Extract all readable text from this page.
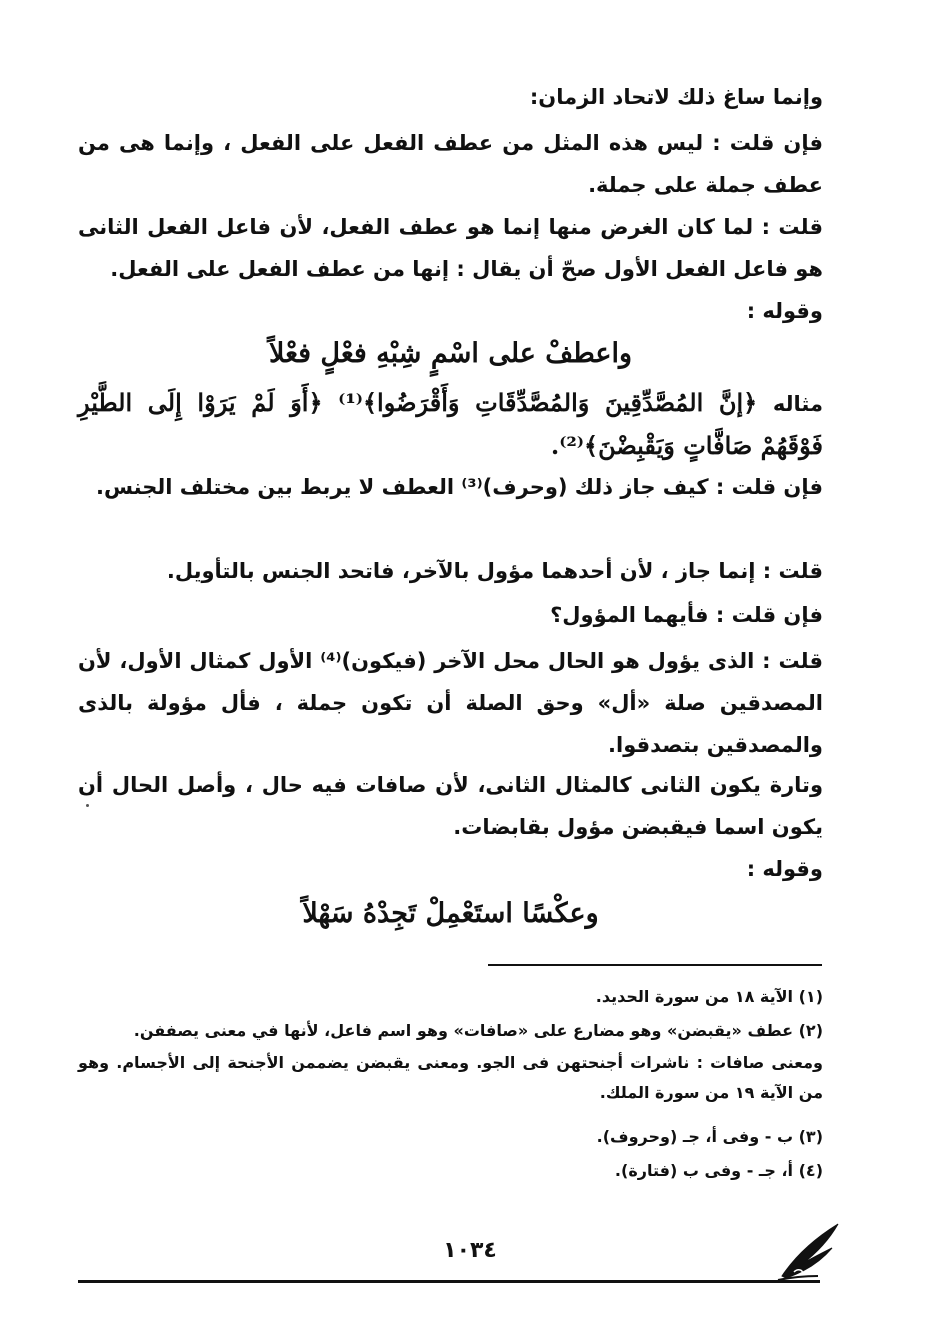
وإنما ساغ ذلك لاتحاد الزمان:

فإن قلت : ليس هذه المثل من عطف الفعل على الفعل ، وإنما هى من عطف جملة على جملة.

قلت : لما كان الغرض منها إنما هو عطف الفعل، لأن فاعل الفعل الثانى هو فاعل الفعل الأول صحّ أن يقال : إنها من عطف الفعل على الفعل.

وقوله :

واعطفْ على اسْمٍ شِبْهِ فعْلٍ فعْلاً

مثاله ﴿إنَّ المُصَّدِّقِينَ وَالمُصَّدِّقَاتِ وَأَقْرَضُوا﴾⁽¹⁾ ﴿أَوَ لَمْ يَرَوْا إِلَى الطَّيْرِ فَوْقَهُمْ صَافَّاتٍ وَيَقْبِضْنَ﴾⁽²⁾.

فإن قلت : كيف جاز ذلك (وحرف)⁽³⁾ العطف لا يربط بين مختلف الجنس.

قلت : إنما جاز ، لأن أحدهما مؤول بالآخر، فاتحد الجنس بالتأويل.

فإن قلت : فأيهما المؤول؟

قلت : الذى يؤول هو الحال محل الآخر (فيكون)⁽⁴⁾ الأول كمثال الأول، لأن المصدقين صلة «أل» وحق الصلة أن تكون جملة ، فأل مؤولة بالذى والمصدقين بتصدقوا.

وتارة يكون الثانى كالمثال الثانى، لأن صافات فيه حال ، وأصل الحال أن يكون اسما فيقبضن مؤول بقابضات.

وقوله :

وعكْسًا استَعْمِلْ تَجِدْهُ سَهْلاً

(١) الآية ١٨ من سورة الحديد.

(٢) عطف «يقبضن» وهو مضارع على «صافات» وهو اسم فاعل، لأنها في معنى يصففن.

ومعنى صافات : ناشرات أجنحتهن فى الجو. ومعنى يقبضن يضممن الأجنحة إلى الأجسام. وهو من الآية ١٩ من سورة الملك.

(٣) ب - وفى أ، جـ (وحروف).

(٤) أ، جـ - وفى ب (فتارة).

١٠٣٤
